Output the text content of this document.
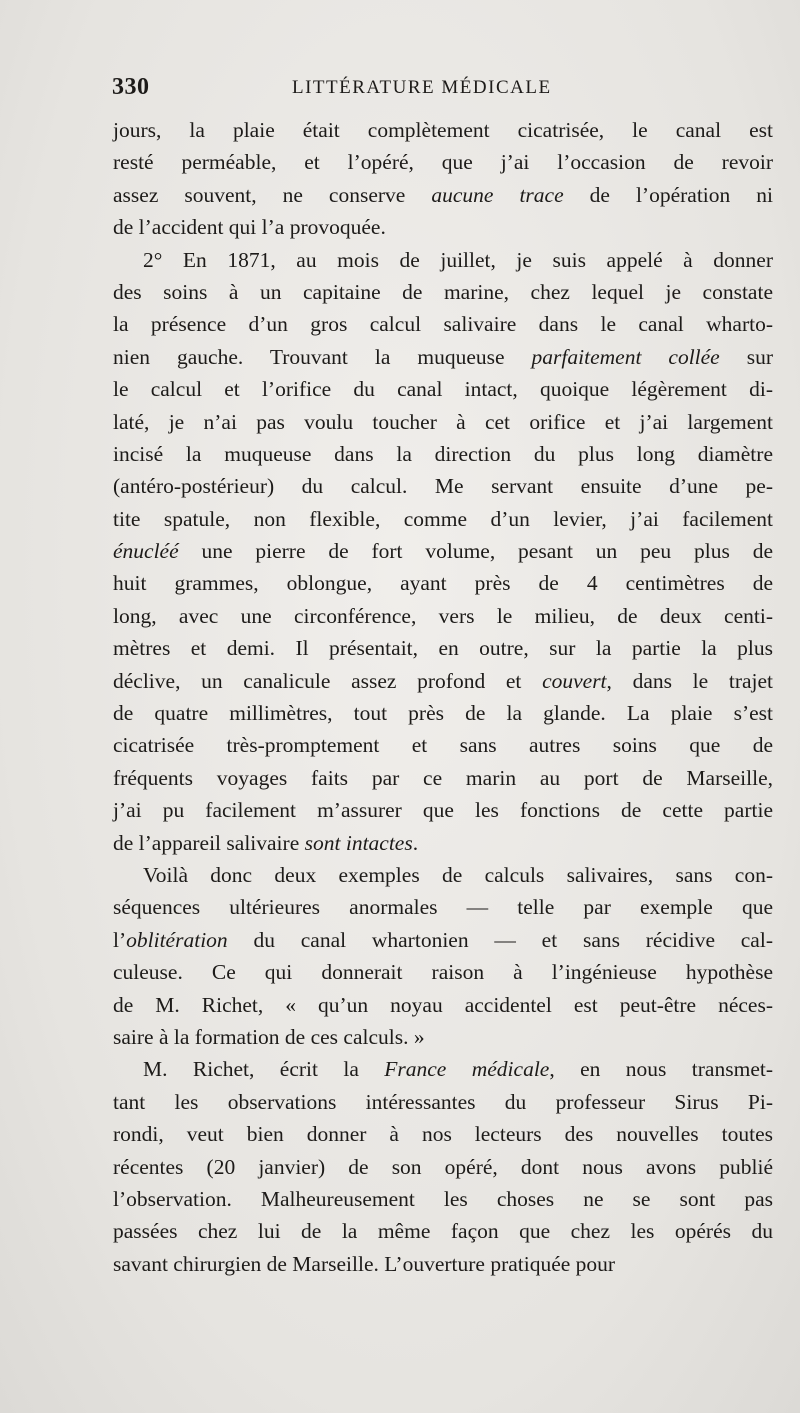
330	LITTÉRATURE MÉDICALE
jours, la plaie était complètement cicatrisée, le canal est
resté perméable, et l’opéré, que j’ai l’occasion de revoir
assez souvent, ne conserve aucune trace de l’opération ni
de l’accident qui l’a provoquée.
2° En 1871, au mois de juillet, je suis appelé à donner
des soins à un capitaine de marine, chez lequel je constate
la présence d’un gros calcul salivaire dans le canal wharto-
nien gauche. Trouvant la muqueuse parfaitement collée sur
le calcul et l’orifice du canal intact, quoique légèrement di-
laté, je n’ai pas voulu toucher à cet orifice et j’ai largement
incisé la muqueuse dans la direction du plus long diamètre
(antéro-postérieur) du calcul. Me servant ensuite d’une pe-
tite spatule, non flexible, comme d’un levier, j’ai facilement
énucléé une pierre de fort volume, pesant un peu plus de
huit grammes, oblongue, ayant près de 4 centimètres de
long, avec une circonférence, vers le milieu, de deux centi-
mètres et demi. Il présentait, en outre, sur la partie la plus
déclive, un canalicule assez profond et couvert, dans le trajet
de quatre millimètres, tout près de la glande. La plaie s’est
cicatrisée très-promptement et sans autres soins que de
fréquents voyages faits par ce marin au port de Marseille,
j’ai pu facilement m’assurer que les fonctions de cette partie
de l’appareil salivaire sont intactes.
Voilà donc deux exemples de calculs salivaires, sans con-
séquences ultérieures anormales — telle par exemple que
l’oblitération du canal whartonien — et sans récidive cal-
culeuse. Ce qui donnerait raison à l’ingénieuse hypothèse
de M. Richet, « qu’un noyau accidentel est peut-être néces-
saire à la formation de ces calculs. »
M. Richet, écrit la France médicale, en nous transmet-
tant les observations intéressantes du professeur Sirus Pi-
rondi, veut bien donner à nos lecteurs des nouvelles toutes
récentes (20 janvier) de son opéré, dont nous avons publié
l’observation. Malheureusement les choses ne se sont pas
passées chez lui de la même façon que chez les opérés du
savant chirurgien de Marseille. L’ouverture pratiquée pour
